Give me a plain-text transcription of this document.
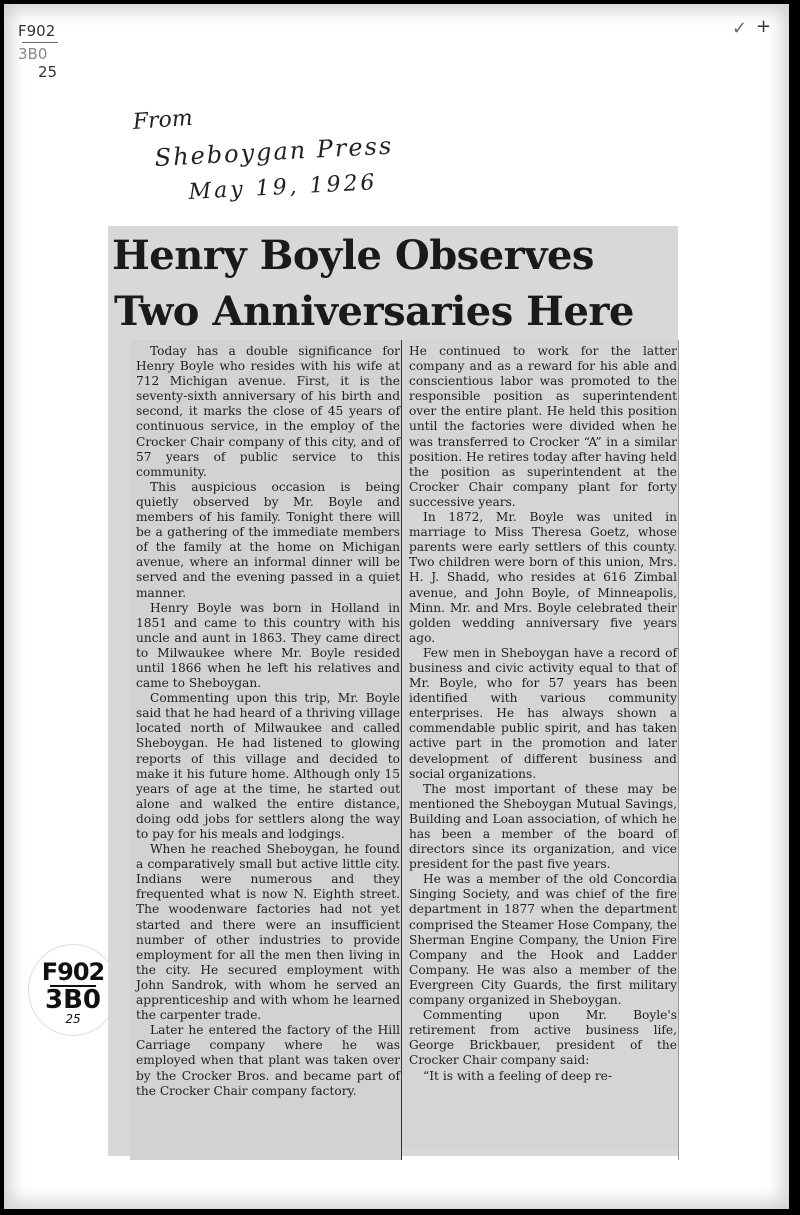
F902
3B0
25
✓ +
From
Sheboygan Press
May 19, 1926
F902
3B0
25
Henry Boyle Observes
Two Anniversaries Here

Today has a double significance for Henry Boyle who resides with his wife at 712 Michigan avenue. First, it is the seventy-sixth anniversary of his birth and second, it marks the close of 45 years of continuous service, in the employ of the Crocker Chair company of this city, and of 57 years of public service to this community.

This auspicious occasion is being quietly observed by Mr. Boyle and members of his family. Tonight there will be a gathering of the immediate members of the family at the home on Michigan avenue, where an informal dinner will be served and the evening passed in a quiet manner.

Henry Boyle was born in Holland in 1851 and came to this country with his uncle and aunt in 1863. They came direct to Milwaukee where Mr. Boyle resided until 1866 when he left his relatives and came to Sheboygan.

Commenting upon this trip, Mr. Boyle said that he had heard of a thriving village located north of Milwaukee and called Sheboygan. He had listened to glowing reports of this village and decided to make it his future home. Although only 15 years of age at the time, he started out alone and walked the entire distance, doing odd jobs for settlers along the way to pay for his meals and lodgings.

When he reached Sheboygan, he found a comparatively small but active little city. Indians were numerous and they frequented what is now N. Eighth street. The woodenware factories had not yet started and there were an insufficient number of other industries to provide employment for all the men then living in the city. He secured employment with John Sandrok, with whom he served an apprenticeship and with whom he learned the carpenter trade.

Later he entered the factory of the Hill Carriage company where he was employed when that plant was taken over by the Crocker Bros. and became part of the Crocker Chair company factory.

He continued to work for the latter company and as a reward for his able and conscientious labor was promoted to the responsible position as superintendent over the entire plant. He held this position until the factories were divided when he was transferred to Crocker “A” in a similar position. He retires today after having held the position as superintendent at the Crocker Chair company plant for forty successive years.

In 1872, Mr. Boyle was united in marriage to Miss Theresa Goetz, whose parents were early settlers of this county. Two children were born of this union, Mrs. H. J. Shadd, who resides at 616 Zimbal avenue, and John Boyle, of Minneapolis, Minn. Mr. and Mrs. Boyle celebrated their golden wedding anniversary five years ago.

Few men in Sheboygan have a record of business and civic activity equal to that of Mr. Boyle, who for 57 years has been identified with various community enterprises. He has always shown a commendable public spirit, and has taken active part in the promotion and later development of different business and social organizations.

The most important of these may be mentioned the Sheboygan Mutual Savings, Building and Loan association, of which he has been a member of the board of directors since its organization, and vice president for the past five years.

He was a member of the old Concordia Singing Society, and was chief of the fire department in 1877 when the department comprised the Steamer Hose Company, the Sherman Engine Company, the Union Fire Company and the Hook and Ladder Company. He was also a member of the Evergreen City Guards, the first military company organized in Sheboygan.

Commenting upon Mr. Boyle's retirement from active business life, George Brickbauer, president of the Crocker Chair company said:

“It is with a feeling of deep re-
